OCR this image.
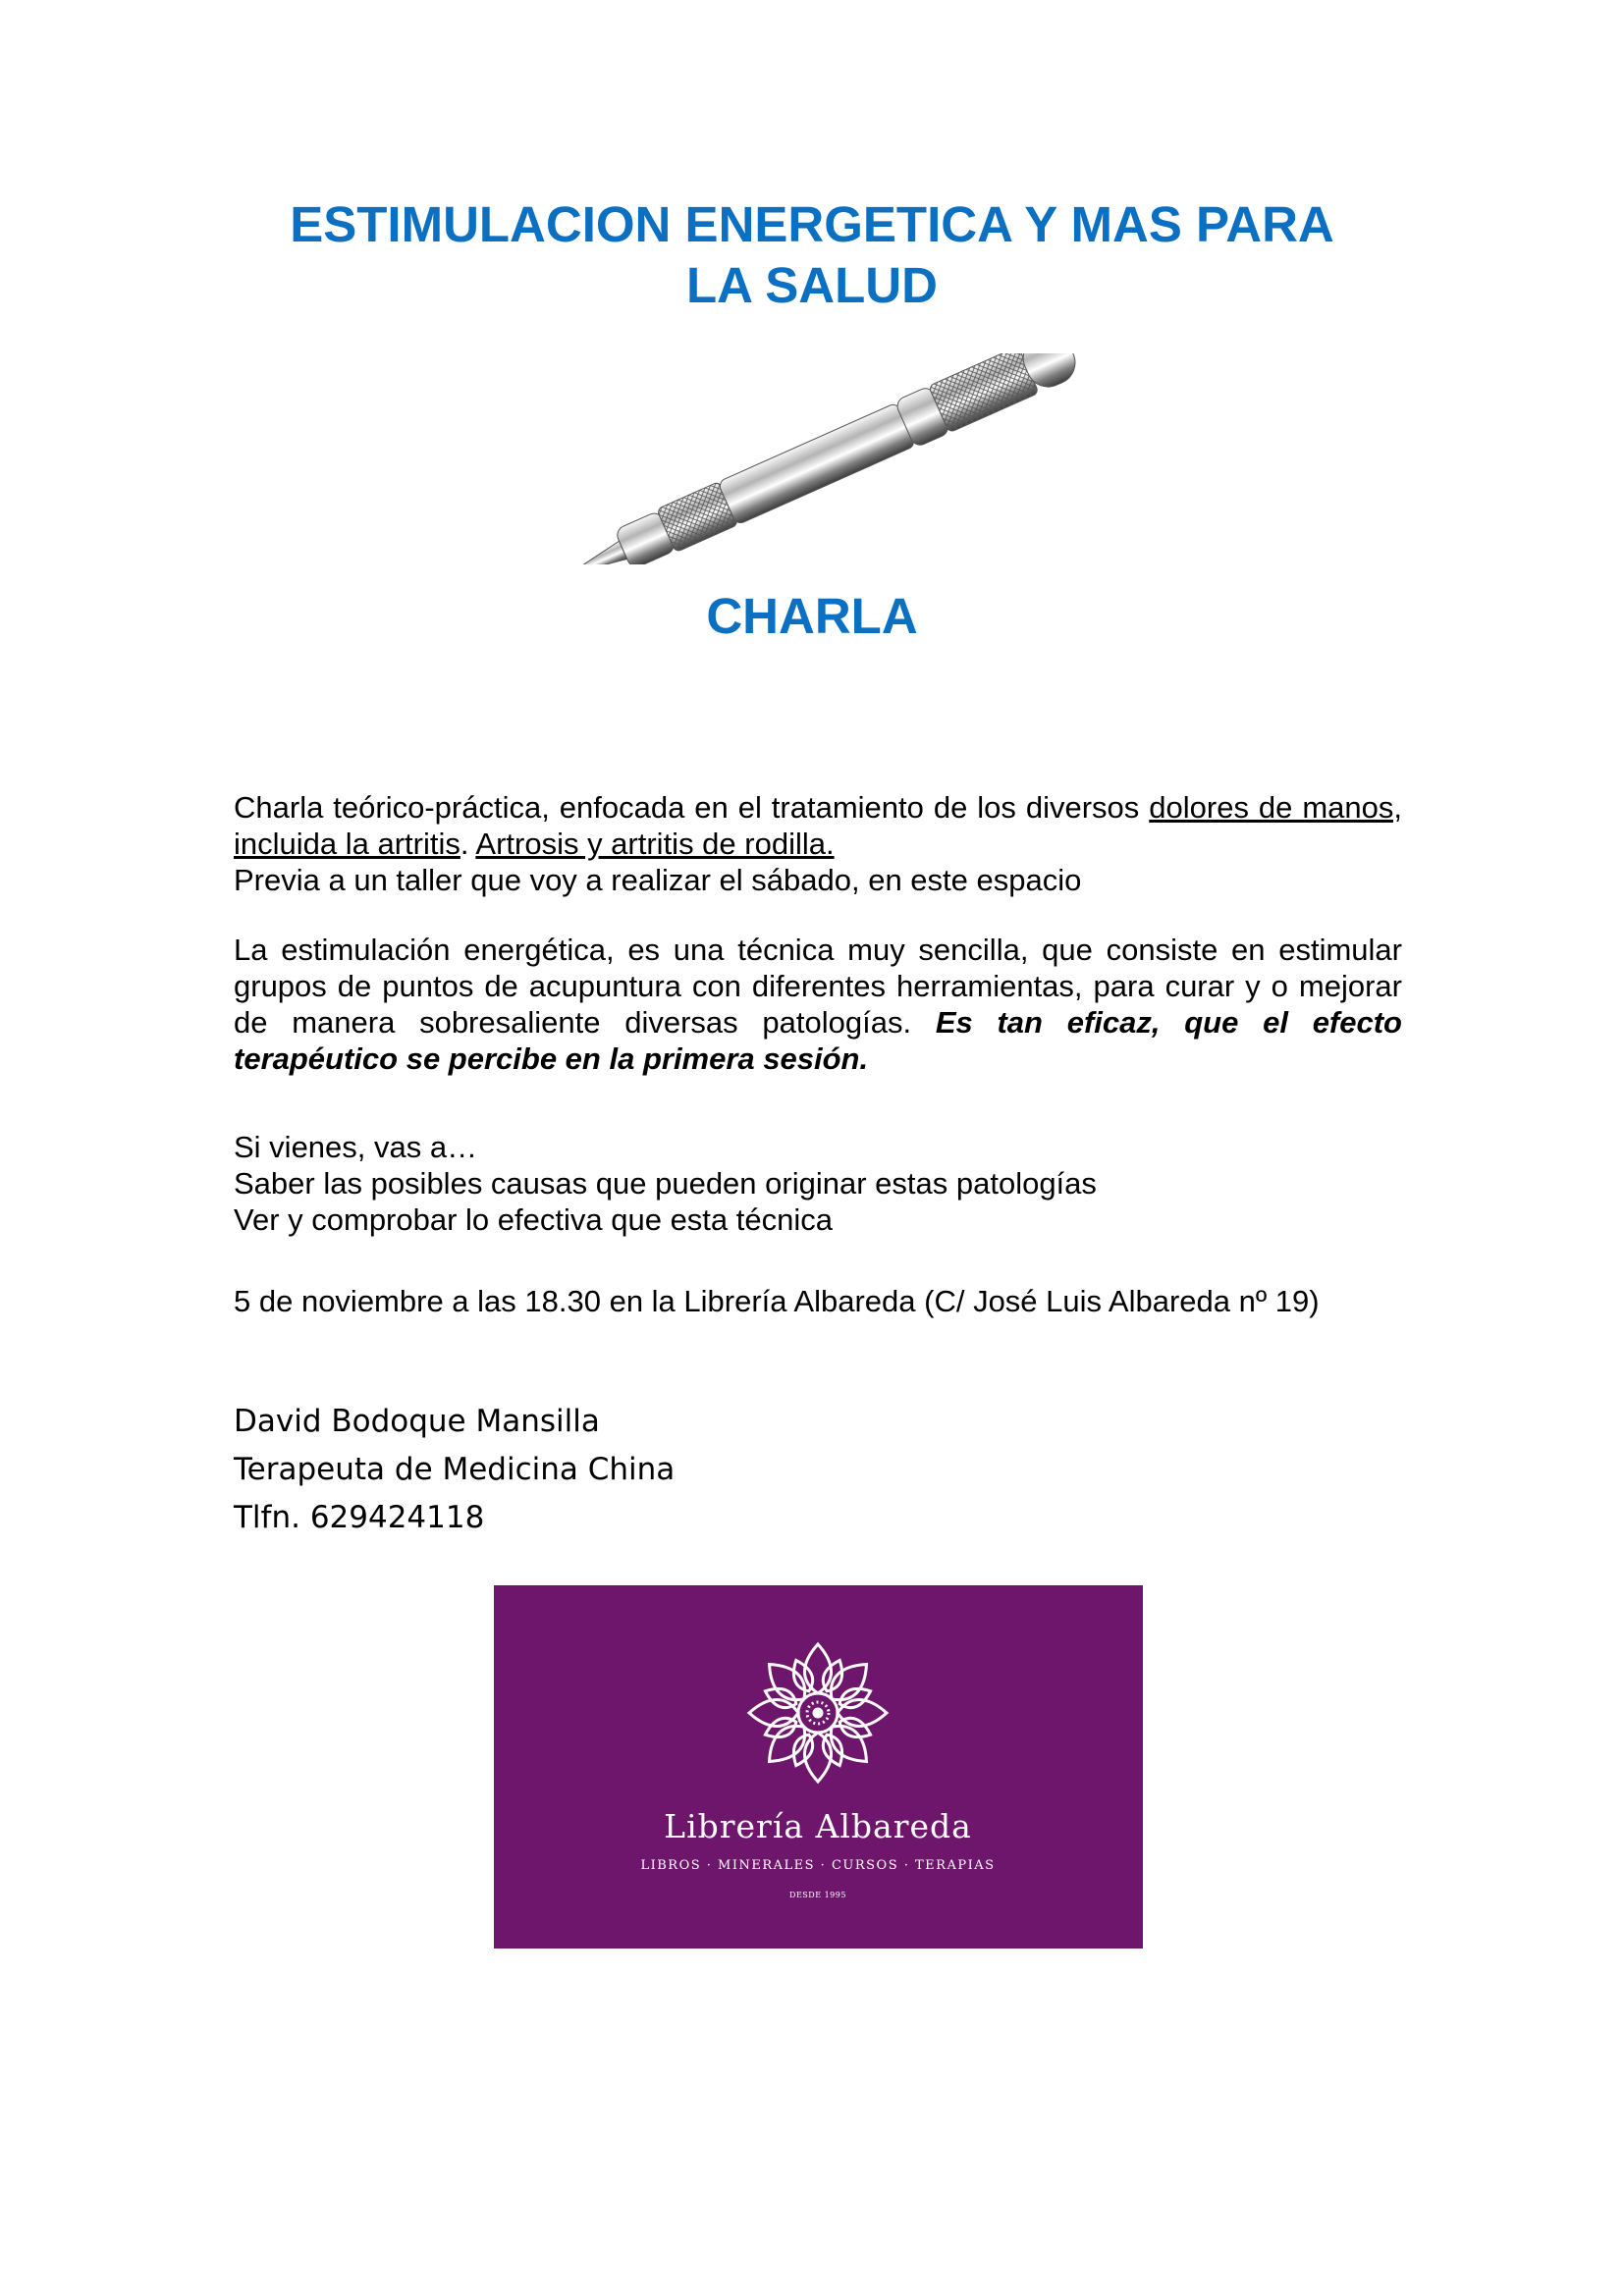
ESTIMULACION ENERGETICA Y MAS PARA
LA SALUD
CHARLA

Charla teórico-práctica, enfocada en el tratamiento de los diversos dolores de manos, incluida la artritis. Artrosis y artritis de rodilla.
Previa a un taller que voy a realizar el sábado, en este espacio

La estimulación energética, es una técnica muy sencilla, que consiste en estimular grupos de puntos de acupuntura con diferentes herramientas, para curar y o mejorar de manera sobresaliente diversas patologías. Es tan eficaz, que el efecto terapéutico se percibe en la primera sesión.

Si vienes, vas a…
Saber las posibles causas que pueden originar estas patologías
Ver y comprobar lo efectiva que esta técnica

5 de noviembre a las 18.30 en la Librería Albareda (C/ José Luis Albareda nº 19)

David Bodoque Mansilla
Terapeuta de Medicina China
Tlfn. 629424118
Librería Albareda
LIBROS · MINERALES · CURSOS · TERAPIAS
DESDE 1995
